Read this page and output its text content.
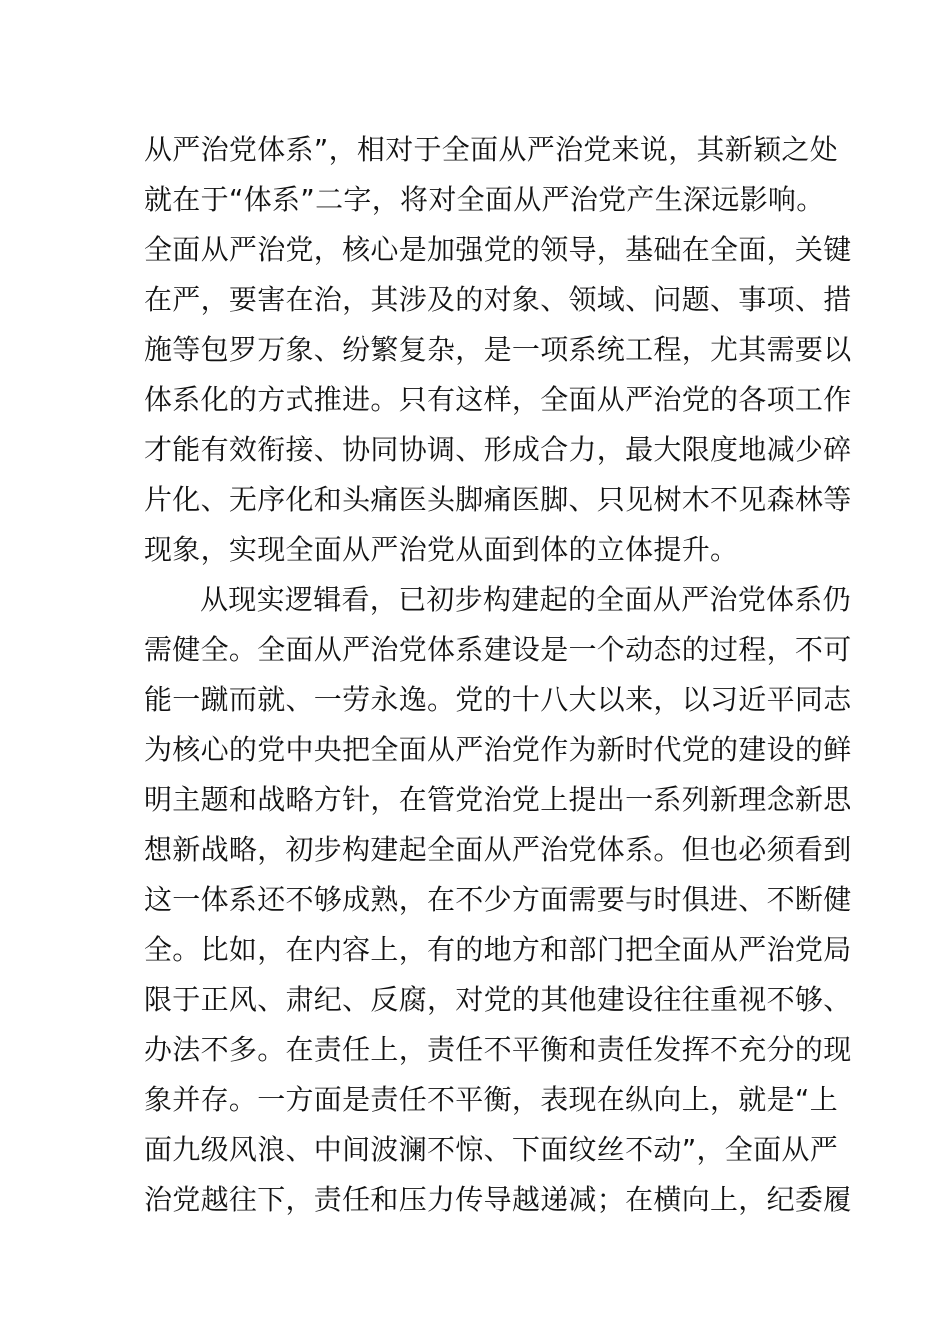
从严治党体系”，相对于全面从严治党来说，其新颖之处
就在于“体系”二字，将对全面从严治党产生深远影响。
全面从严治党，核心是加强党的领导，基础在全面，关键
在严，要害在治，其涉及的对象、领域、问题、事项、措
施等包罗万象、纷繁复杂，是一项系统工程，尤其需要以
体系化的方式推进。只有这样，全面从严治党的各项工作
才能有效衔接、协同协调、形成合力，最大限度地减少碎
片化、无序化和头痛医头脚痛医脚、只见树木不见森林等
现象，实现全面从严治党从面到体的立体提升。
从现实逻辑看，已初步构建起的全面从严治党体系仍
需健全。全面从严治党体系建设是一个动态的过程，不可
能一蹴而就、一劳永逸。党的十八大以来，以习近平同志
为核心的党中央把全面从严治党作为新时代党的建设的鲜
明主题和战略方针，在管党治党上提出一系列新理念新思
想新战略，初步构建起全面从严治党体系。但也必须看到
这一体系还不够成熟，在不少方面需要与时俱进、不断健
全。比如，在内容上，有的地方和部门把全面从严治党局
限于正风、肃纪、反腐，对党的其他建设往往重视不够、
办法不多。在责任上，责任不平衡和责任发挥不充分的现
象并存。一方面是责任不平衡，表现在纵向上，就是“上
面九级风浪、中间波澜不惊、下面纹丝不动”，全面从严
治党越往下，责任和压力传导越递减；在横向上，纪委履
